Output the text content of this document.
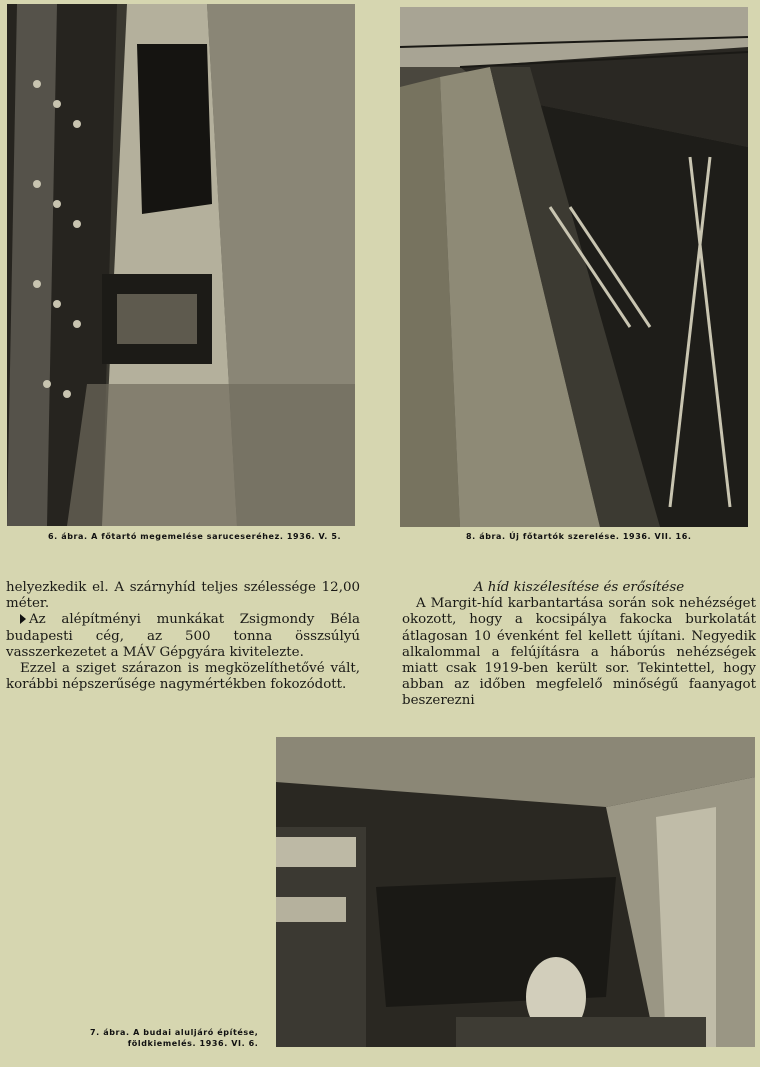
6. ábra. A főtartó megemelése saruceseréhez. 1936. V. 5.	8. ábra. Új főtartók szerelése. 1936. VII. 16.

helyezkedik el. A szárnyhíd teljes szélessége 12,00 méter.

Az alépítményi munkákat Zsigmondy Béla budapesti cég, az 500 tonna összsúlyú vasszerkezetet a MÁV Gépgyára kivitelezte.

Ezzel a sziget szárazon is megközelíthetővé vált, korábbi népszerűsége nagymértékben fokozódott.

A híd kiszélesítése és erősítése

A Margit-híd karbantartása során sok nehézséget okozott, hogy a kocsipálya fakocka burkolatát átlagosan 10 évenként fel kellett újítani. Negyedik alkalommal a felújításra a háborús nehézségek miatt csak 1919-ben került sor. Tekintettel, hogy abban az időben megfelelő minőségű faanyagot beszerezni

7. ábra. A budai aluljáró építése,
földkiemelés. 1936. VI. 6.
